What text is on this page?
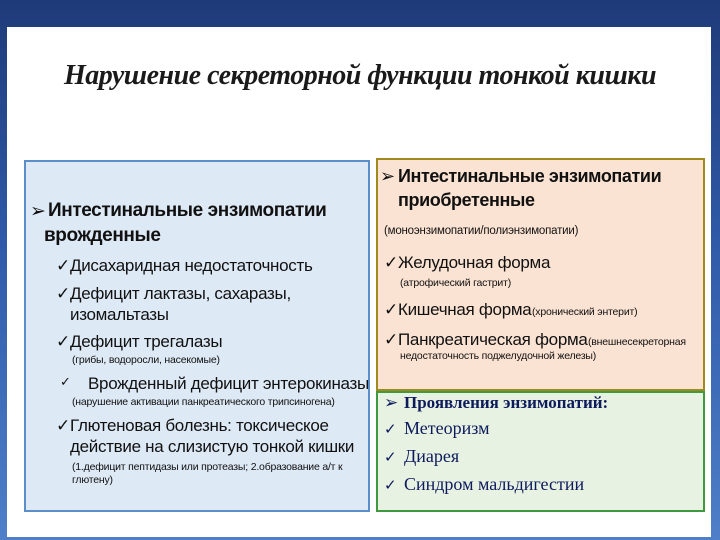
Нарушение секреторной функции тонкой кишки
➢ Интестинальные энзимопатии
врожденные
✓ Дисахаридная недостаточность
✓ Дефицит лактазы, сахаразы,
изомальтазы
✓ Дефицит трегалазы
(грибы, водоросли, насекомые)
✓ Врожденный дефицит энтерокиназы
(нарушение активации панкреатического трипсиногена)
✓ Глютеновая болезнь: токсическое
действие на слизистую тонкой кишки
(1.дефицит пептидазы или протеазы; 2.образование а/т к
глютену)
➢ Интестинальные энзимопатии
приобретенные
(моноэнзимопатии/полиэнзимопатии)
✓ Желудочная форма
(атрофический гастрит)
✓ Кишечная форма (хронический энтерит)
✓ Панкреатическая форма (внешнесекреторная
недостаточность поджелудочной железы)
➢ Проявления энзимопатий:
✓ Метеоризм
✓ Диарея
✓ Синдром мальдигестии
